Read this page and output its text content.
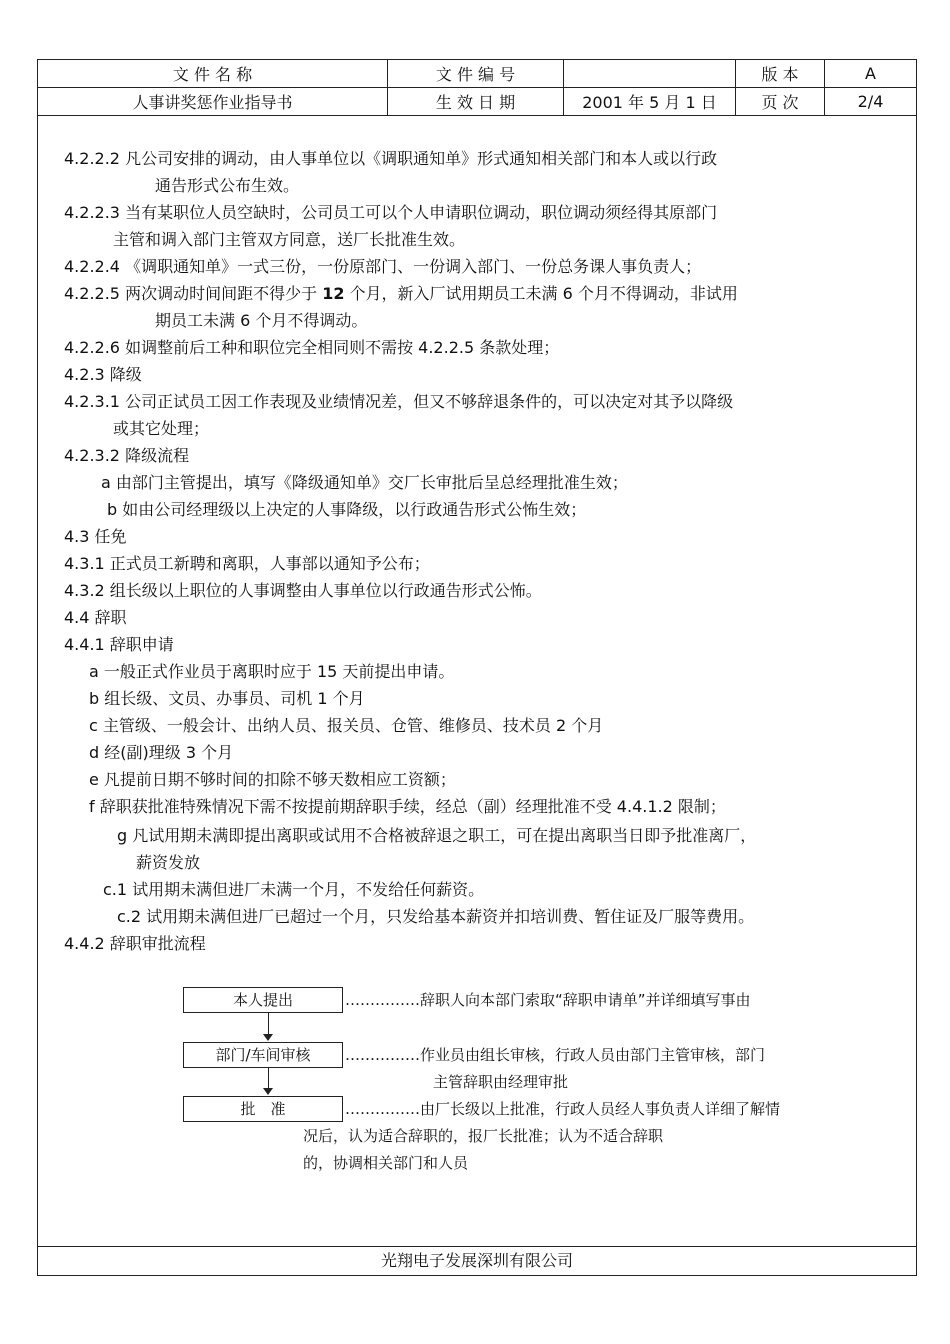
文 件 名 称	文 件 编 号		版 本	A
人事讲奖惩作业指导书	生 效 日 期	2001 年 5 月 1 日	页 次	2/4
4.2.2.2 凡公司安排的调动，由人事单位以《调职通知单》形式通知相关部门和本人或以行政
通告形式公布生效。
4.2.2.3 当有某职位人员空缺时，公司员工可以个人申请职位调动，职位调动须经得其原部门
主管和调入部门主管双方同意，送厂长批准生效。
4.2.2.4 《调职通知单》一式三份，一份原部门、一份调入部门、一份总务课人事负责人；
4.2.2.5 两次调动时间间距不得少于 12 个月，新入厂试用期员工未满 6 个月不得调动，非试用
期员工未满 6 个月不得调动。
4.2.2.6 如调整前后工种和职位完全相同则不需按 4.2.2.5 条款处理；
4.2.3 降级
4.2.3.1 公司正试员工因工作表现及业绩情况差，但又不够辞退条件的，可以决定对其予以降级
或其它处理；
4.2.3.2 降级流程
a 由部门主管提出，填写《降级通知单》交厂长审批后呈总经理批准生效；
b 如由公司经理级以上决定的人事降级，以行政通告形式公怖生效；
4.3 任免
4.3.1 正式员工新聘和离职，人事部以通知予公布；
4.3.2 组长级以上职位的人事调整由人事单位以行政通告形式公怖。
4.4 辞职
4.4.1 辞职申请
a 一般正式作业员于离职时应于 15 天前提出申请。
b 组长级、文员、办事员、司机 1 个月
c 主管级、一般会计、出纳人员、报关员、仓管、维修员、技术员 2 个月
d 经(副)理级 3 个月
e 凡提前日期不够时间的扣除不够天数相应工资额；
f 辞职获批准特殊情况下需不按提前期辞职手续，经总（副）经理批准不受 4.4.1.2 限制；
g 凡试用期未满即提出离职或试用不合格被辞退之职工，可在提出离职当日即予批准离厂，
薪资发放
c.1 试用期未满但进厂未满一个月，不发给任何薪资。
c.2 试用期未满但进厂已超过一个月，只发给基本薪资并扣培训费、暂住证及厂服等费用。
4.4.2 辞职审批流程
本人提出	……………辞职人向本部门索取“辞职申请单”并详细填写事由
部门/车间审核	……………作业员由组长审核，行政人员由部门主管审核，部门
主管辞职由经理审批
批　准	……………由厂长级以上批准，行政人员经人事负责人详细了解情
况后，认为适合辞职的，报厂长批准；认为不适合辞职
的，协调相关部门和人员
光翔电子发展深圳有限公司
